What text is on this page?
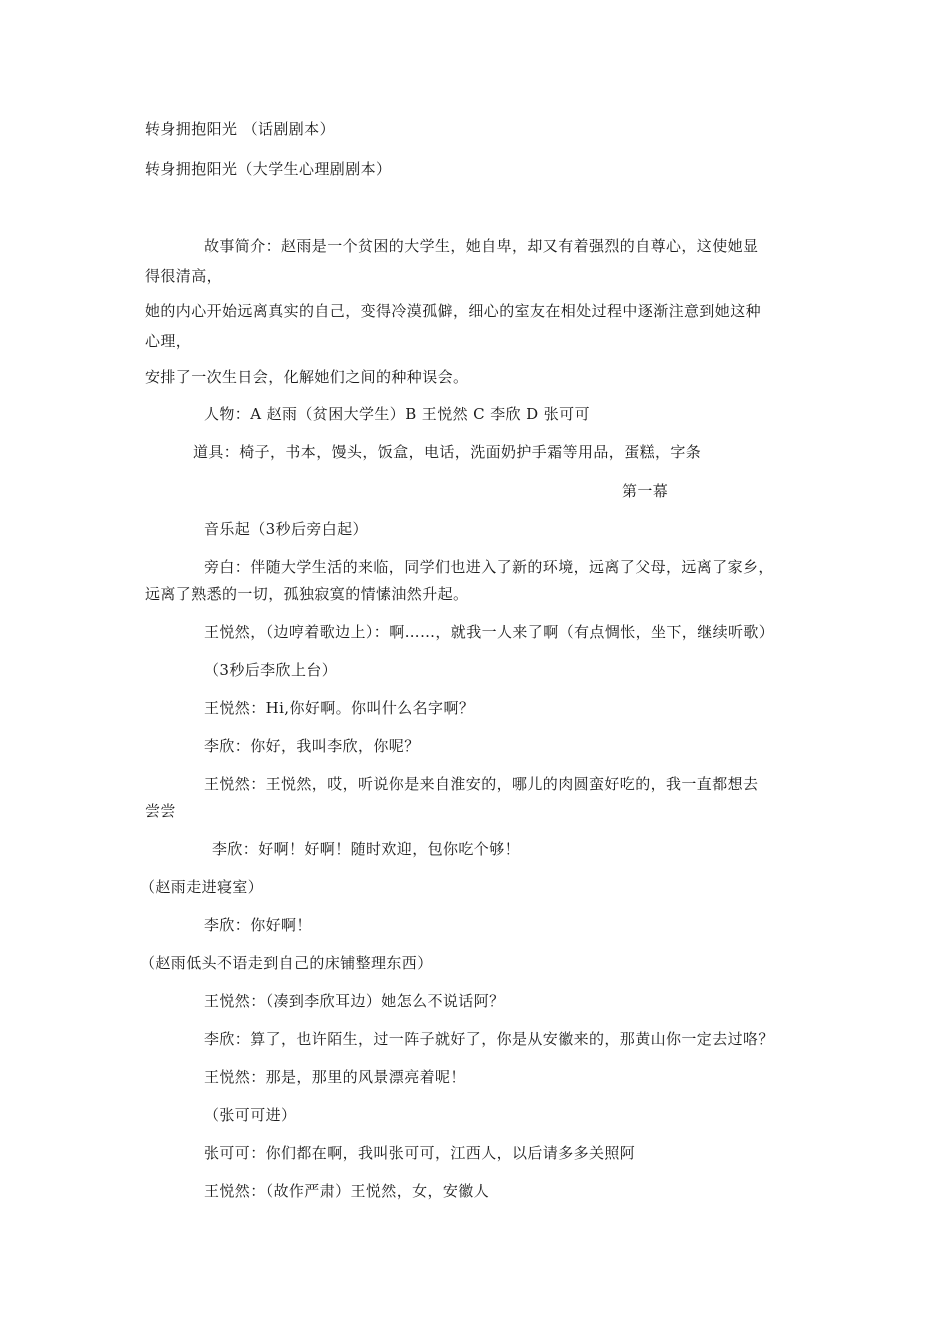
转身拥抱阳光 （话剧剧本）
转身拥抱阳光（大学生心理剧剧本）
故事简介：赵雨是一个贫困的大学生，她自卑，却又有着强烈的自尊心，这使她显
得很清高，
她的内心开始远离真实的自己，变得冷漠孤僻，细心的室友在相处过程中逐渐注意到她这种
心理，
安排了一次生日会，化解她们之间的种种误会。
人物：A 赵雨（贫困大学生）B 王悦然 C 李欣 D 张可可
道具：椅子，书本，馒头，饭盒，电话，洗面奶护手霜等用品，蛋糕，字条
第一幕
音乐起（3秒后旁白起）
旁白：伴随大学生活的来临，同学们也进入了新的环境，远离了父母，远离了家乡，
远离了熟悉的一切，孤独寂寞的情愫油然升起。
王悦然，（边哼着歌边上）：啊……，就我一人来了啊（有点惆怅，坐下，继续听歌）
（3秒后李欣上台）
王悦然：Hi,你好啊。你叫什么名字啊？
李欣：你好，我叫李欣，你呢？
王悦然：王悦然，哎，听说你是来自淮安的，哪儿的肉圆蛮好吃的，我一直都想去
尝尝
李欣：好啊！好啊！随时欢迎，包你吃个够！
（赵雨走进寝室）
李欣：你好啊！
（赵雨低头不语走到自己的床铺整理东西）
王悦然：（凑到李欣耳边）她怎么不说话阿？
李欣：算了，也许陌生，过一阵子就好了，你是从安徽来的，那黄山你一定去过咯？
王悦然：那是，那里的风景漂亮着呢！
（张可可进）
张可可：你们都在啊，我叫张可可，江西人，以后请多多关照阿
王悦然：（故作严肃）王悦然，女，安徽人
